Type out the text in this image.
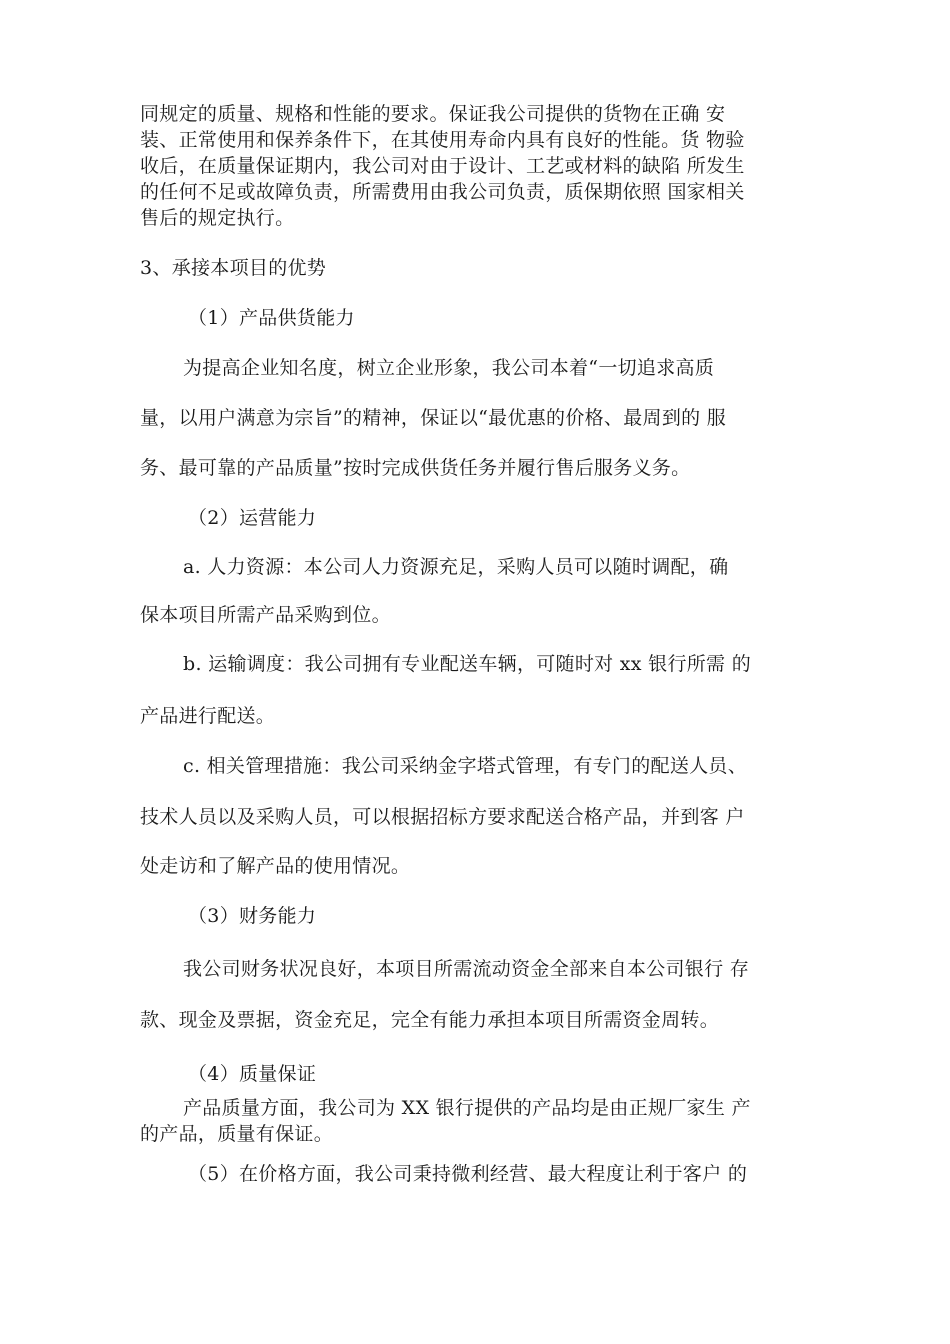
同规定的质量、规格和性能的要求。保证我公司提供的货物在正确 安
装、正常使用和保养条件下，在其使用寿命内具有良好的性能。货 物验
收后，在质量保证期内，我公司对由于设计、工艺或材料的缺陷 所发生
的任何不足或故障负责，所需费用由我公司负责，质保期依照 国家相关
售后的规定执行。
3、承接本项目的优势
（1）产品供货能力
为提高企业知名度，树立企业形象，我公司本着“一切追求高质
量，以用户满意为宗旨”的精神，保证以“最优惠的价格、最周到的 服
务、最可靠的产品质量”按时完成供货任务并履行售后服务义务。
（2）运营能力
a. 人力资源：本公司人力资源充足，采购人员可以随时调配，确
保本项目所需产品采购到位。
b. 运输调度：我公司拥有专业配送车辆，可随时对 xx 银行所需 的
产品进行配送。
c. 相关管理措施：我公司采纳金字塔式管理，有专门的配送人员、
技术人员以及采购人员，可以根据招标方要求配送合格产品，并到客 户
处走访和了解产品的使用情况。
（3）财务能力
我公司财务状况良好，本项目所需流动资金全部来自本公司银行 存
款、现金及票据，资金充足，完全有能力承担本项目所需资金周转。
（4）质量保证
产品质量方面，我公司为 XX 银行提供的产品均是由正规厂家生 产
的产品，质量有保证。
（5）在价格方面，我公司秉持微利经营、最大程度让利于客户 的
